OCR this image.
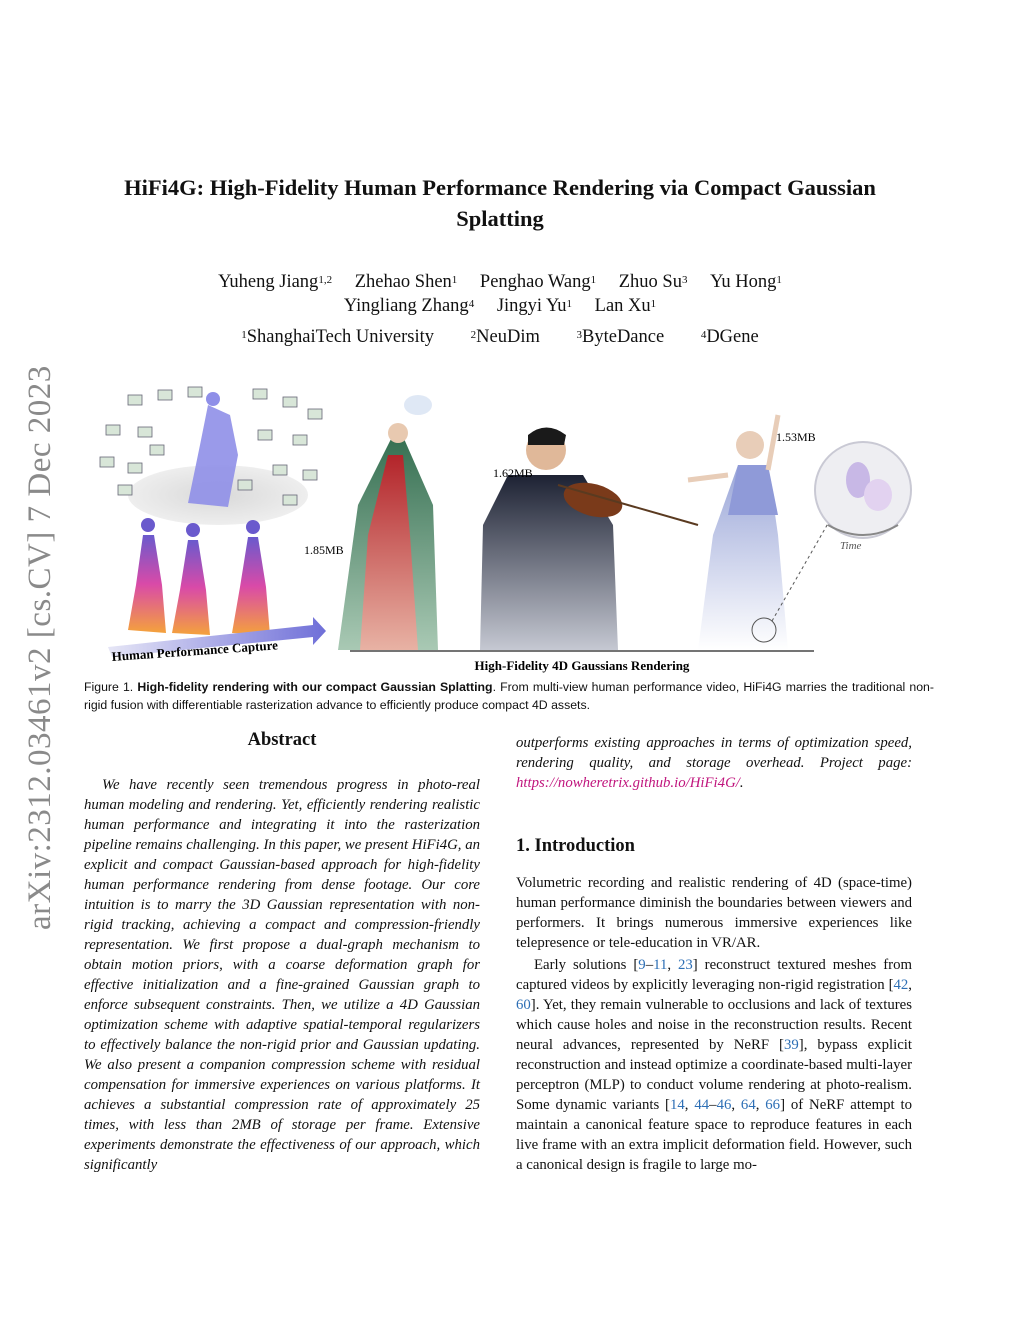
arXiv:2312.03461v2 [cs.CV] 7 Dec 2023
HiFi4G: High-Fidelity Human Performance Rendering via Compact Gaussian Splatting
Yuheng Jiang$^{1,2}$ Zhehao Shen$^1$ Penghao Wang$^1$ Zhuo Su$^3$ Yu Hong$^1$
Yingliang Zhang$^4$ Jingyi Yu$^1$ Lan Xu$^1$
$^1$ShanghaiTech University	$^2$NeuDim	$^3$ByteDance	$^4$DGene
Human Performance Capture
1.85MB
1.62MB
1.53MB
Time
High-Fidelity 4D Gaussians Rendering
Figure 1. High-fidelity rendering with our compact Gaussian Splatting. From multi-view human performance video, HiFi4G marries the traditional non-rigid fusion with differentiable rasterization advance to efficiently produce compact 4D assets.
Abstract
We have recently seen tremendous progress in photo-real human modeling and rendering. Yet, efficiently rendering realistic human performance and integrating it into the rasterization pipeline remains challenging. In this paper, we present HiFi4G, an explicit and compact Gaussian-based approach for high-fidelity human performance rendering from dense footage. Our core intuition is to marry the 3D Gaussian representation with non-rigid tracking, achieving a compact and compression-friendly representation. We first propose a dual-graph mechanism to obtain motion priors, with a coarse deformation graph for effective initialization and a fine-grained Gaussian graph to enforce subsequent constraints. Then, we utilize a 4D Gaussian optimization scheme with adaptive spatial-temporal regularizers to effectively balance the non-rigid prior and Gaussian updating. We also present a companion compression scheme with residual compensation for immersive experiences on various platforms. It achieves a substantial compression rate of approximately 25 times, with less than 2MB of storage per frame. Extensive experiments demonstrate the effectiveness of our approach, which significantly
outperforms existing approaches in terms of optimization speed, rendering quality, and storage overhead. Project page: https://nowheretrix.github.io/HiFi4G/.
1. Introduction
Volumetric recording and realistic rendering of 4D (space-time) human performance diminish the boundaries between viewers and performers. It brings numerous immersive experiences like telepresence or tele-education in VR/AR.
Early solutions [9–11, 23] reconstruct textured meshes from captured videos by explicitly leveraging non-rigid registration [42, 60]. Yet, they remain vulnerable to occlusions and lack of textures which cause holes and noise in the reconstruction results. Recent neural advances, represented by NeRF [39], bypass explicit reconstruction and instead optimize a coordinate-based multi-layer perceptron (MLP) to conduct volume rendering at photo-realism. Some dynamic variants [14, 44–46, 64, 66] of NeRF attempt to maintain a canonical feature space to reproduce features in each live frame with an extra implicit deformation field. However, such a canonical design is fragile to large mo-
